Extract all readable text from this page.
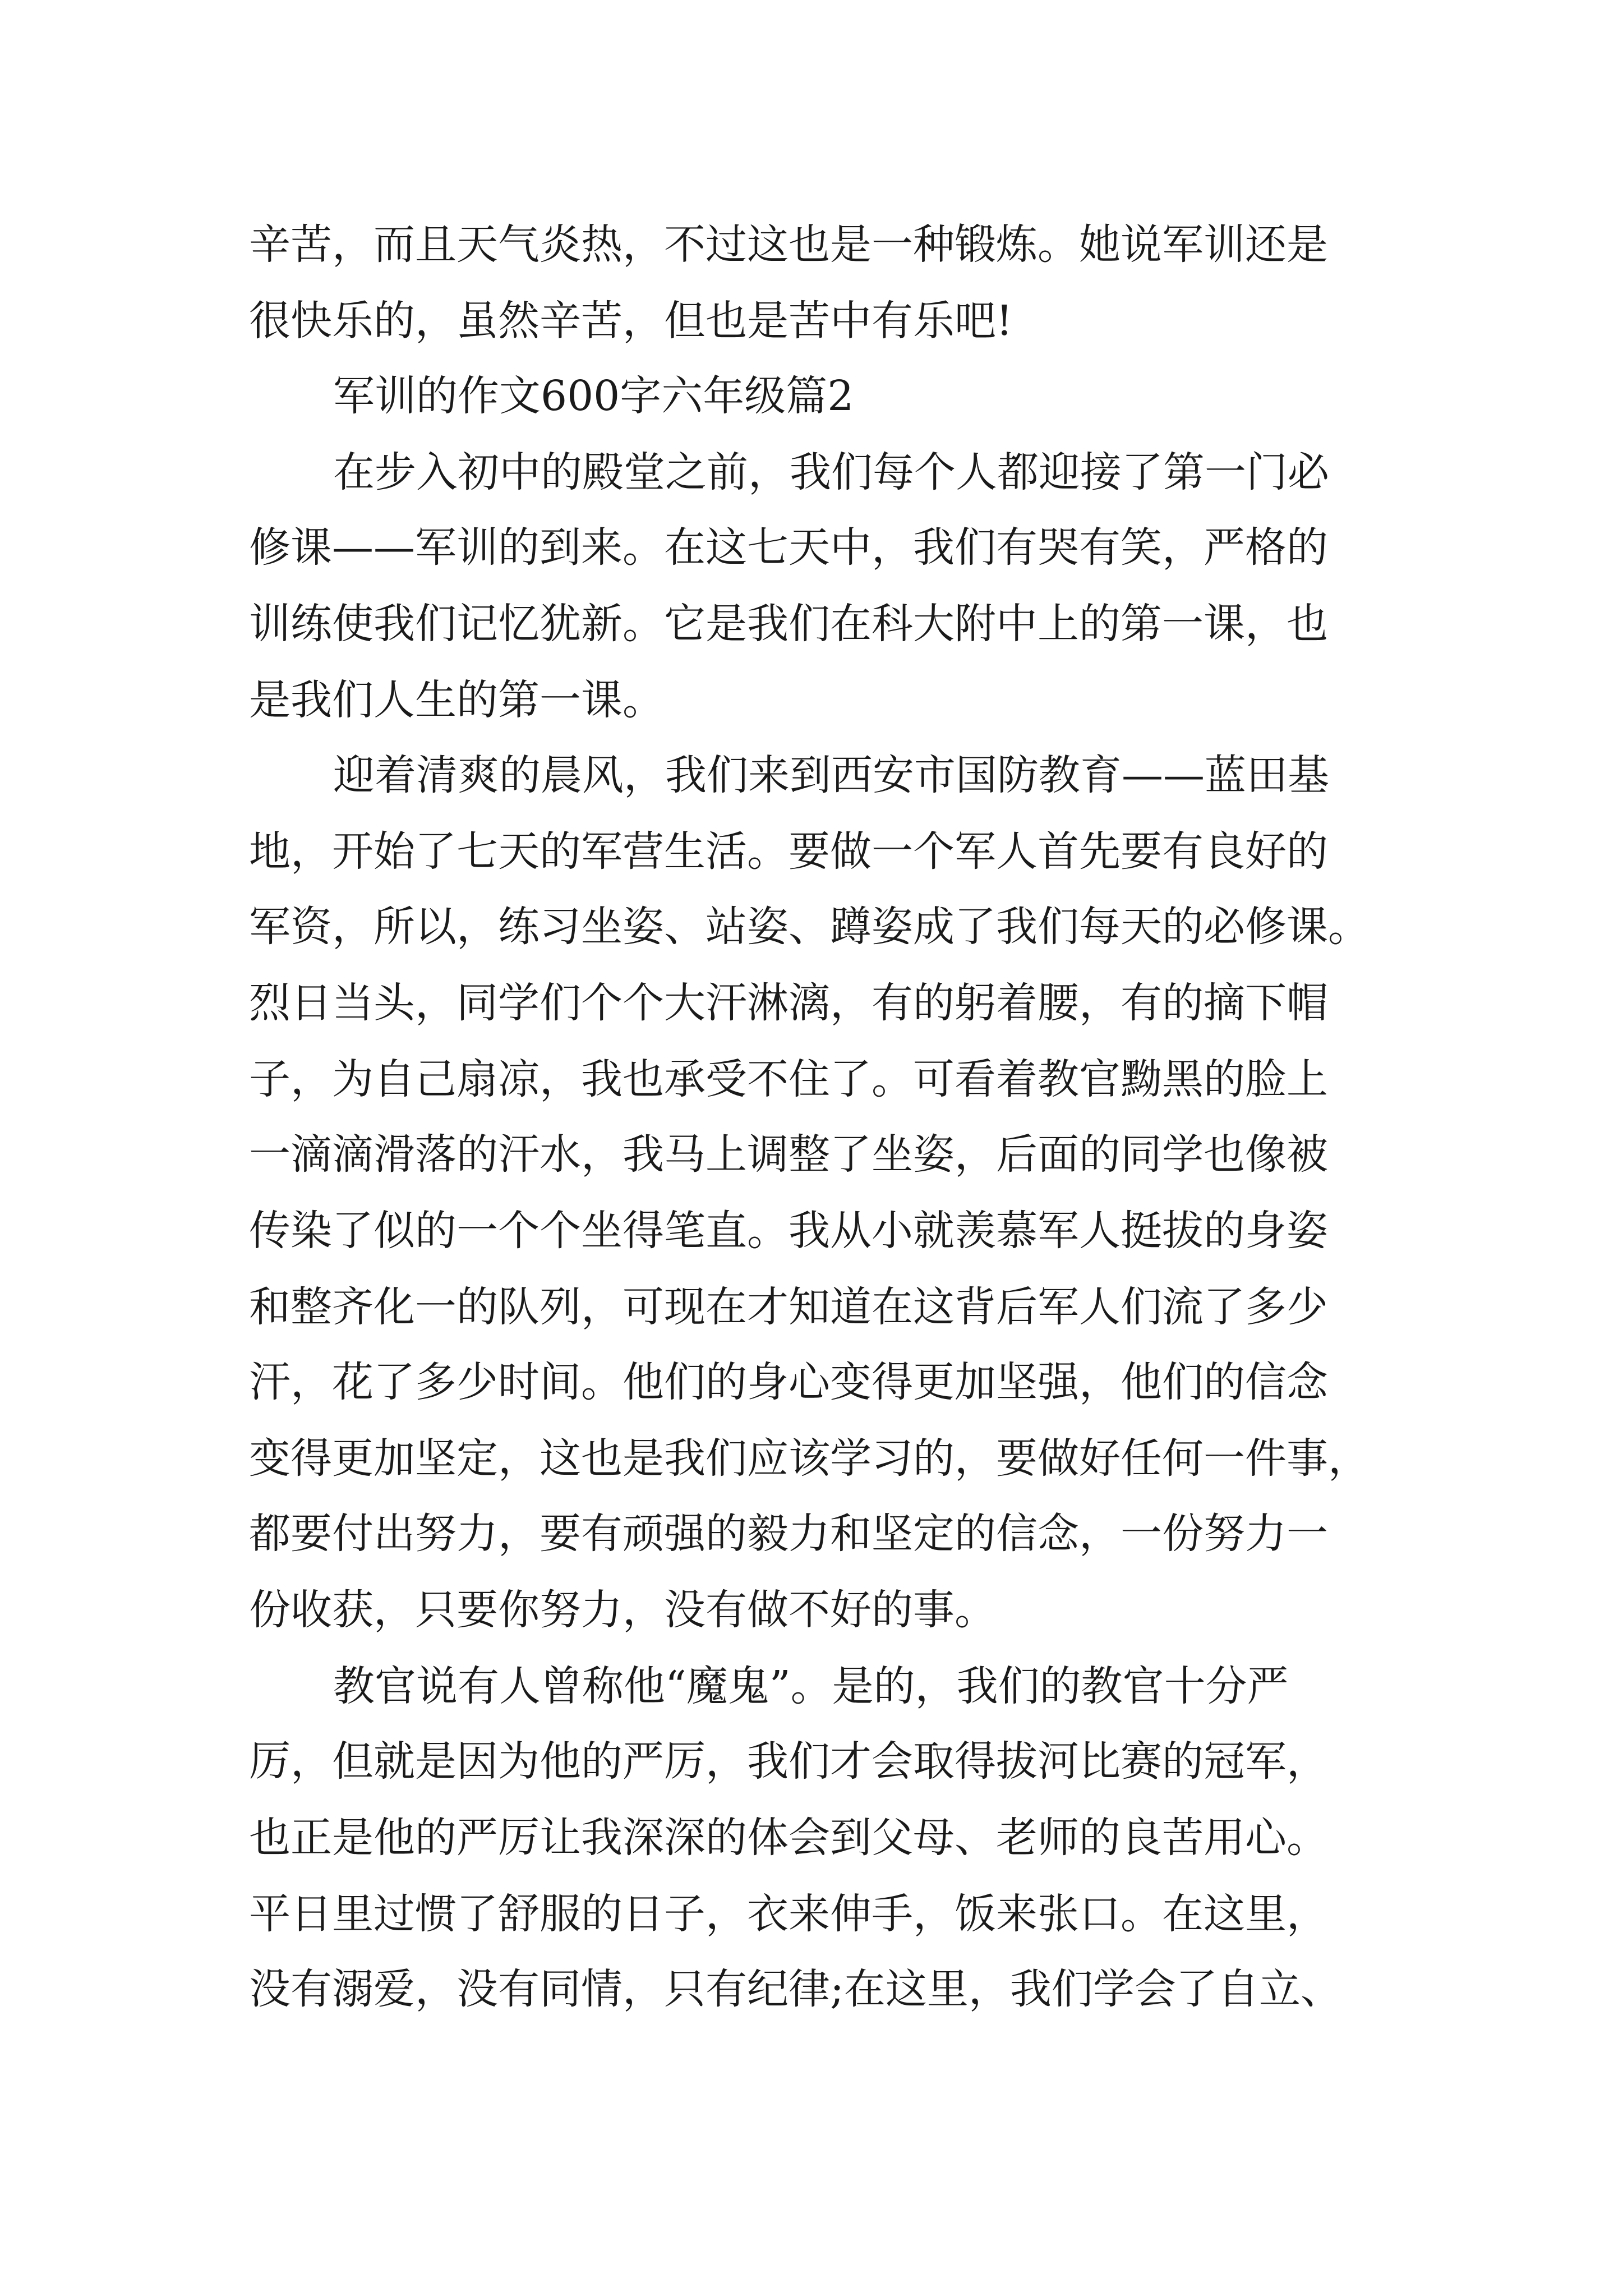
辛苦，而且天气炎热，不过这也是一种锻炼。她说军训还是
很快乐的，虽然辛苦，但也是苦中有乐吧!
军训的作文600字六年级篇2
在步入初中的殿堂之前，我们每个人都迎接了第一门必
修课——军训的到来。在这七天中，我们有哭有笑，严格的
训练使我们记忆犹新。它是我们在科大附中上的第一课，也
是我们人生的第一课。
迎着清爽的晨风，我们来到西安市国防教育——蓝田基
地，开始了七天的军营生活。要做一个军人首先要有良好的
军资，所以，练习坐姿、站姿、蹲姿成了我们每天的必修课。
烈日当头，同学们个个大汗淋漓，有的躬着腰，有的摘下帽
子，为自己扇凉，我也承受不住了。可看着教官黝黑的脸上
一滴滴滑落的汗水，我马上调整了坐姿，后面的同学也像被
传染了似的一个个坐得笔直。我从小就羡慕军人挺拔的身姿
和整齐化一的队列，可现在才知道在这背后军人们流了多少
汗，花了多少时间。他们的身心变得更加坚强，他们的信念
变得更加坚定，这也是我们应该学习的，要做好任何一件事，
都要付出努力，要有顽强的毅力和坚定的信念，一份努力一
份收获，只要你努力，没有做不好的事。
教官说有人曾称他“魔鬼”。是的，我们的教官十分严
厉，但就是因为他的严厉，我们才会取得拔河比赛的冠军，
也正是他的严厉让我深深的体会到父母、老师的良苦用心。
平日里过惯了舒服的日子，衣来伸手，饭来张口。在这里，
没有溺爱，没有同情，只有纪律;在这里，我们学会了自立、
